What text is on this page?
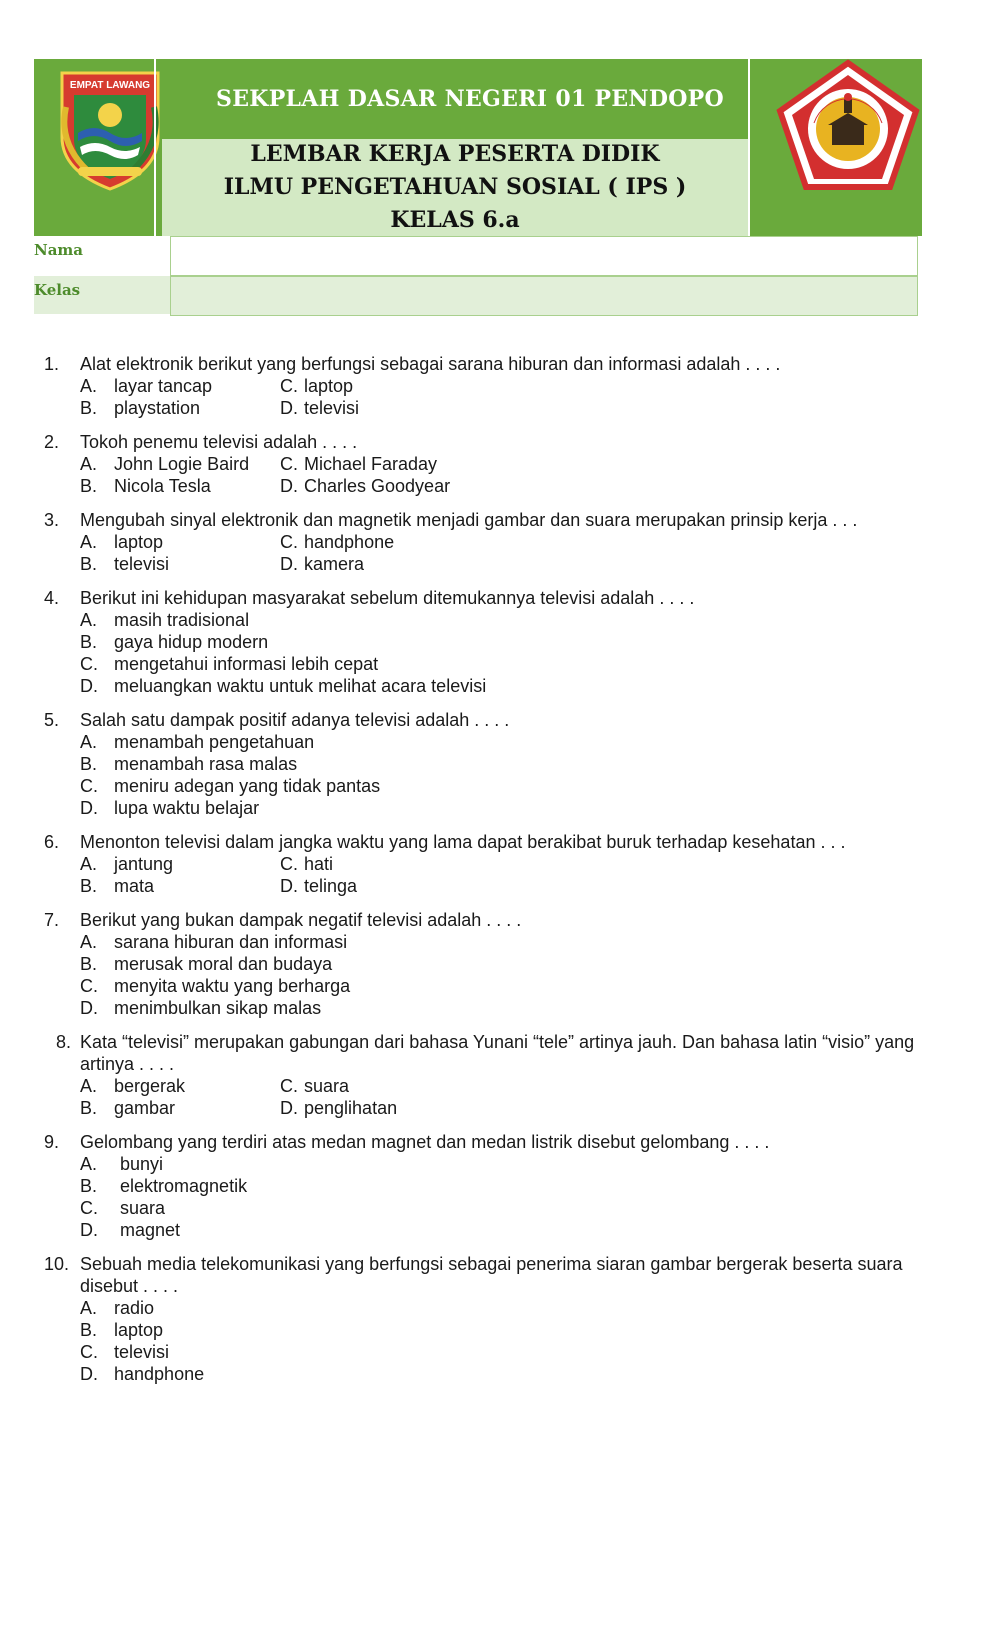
EMPAT LAWANG
SEKPLAH DASAR NEGERI 01 PENDOPO
LEMBAR KERJA PESERTA DIDIK
ILMU PENGETAHUAN SOSIAL ( IPS )
KELAS 6.a
Nama
Kelas
1.	Alat elektronik berikut yang berfungsi sebagai sarana hiburan dan informasi adalah . . . .
A. layar tancap	C. laptop
B. playstation	D. televisi
2.	Tokoh penemu televisi adalah . . . .
A. John Logie Baird C. Michael Faraday
B. Nicola Tesla	D. Charles Goodyear
3.	Mengubah sinyal elektronik dan magnetik menjadi gambar dan suara merupakan prinsip kerja . . .
A. laptop	C. handphone
B. televisi	D. kamera
4.	Berikut ini kehidupan masyarakat sebelum ditemukannya televisi adalah . . . .
A. masih tradisional
B. gaya hidup modern
C. mengetahui informasi lebih cepat
D. meluangkan waktu untuk melihat acara televisi
5.	Salah satu dampak positif adanya televisi adalah . . . .
A. menambah pengetahuan
B. menambah rasa malas
C. meniru adegan yang tidak pantas
D. lupa waktu belajar
6.	Menonton televisi dalam jangka waktu yang lama dapat berakibat buruk terhadap kesehatan . . .
A. jantung	C. hati
B. mata	D. telinga
7.	Berikut yang bukan dampak negatif televisi adalah . . . .
A. sarana hiburan dan informasi
B. merusak moral dan budaya
C. menyita waktu yang berharga
D. menimbulkan sikap malas
8. Kata “televisi” merupakan gabungan dari bahasa Yunani “tele” artinya jauh. Dan bahasa latin “visio” yang artinya . . . .
A. bergerak	C. suara
B. gambar	D. penglihatan
9.	Gelombang yang terdiri atas medan magnet dan medan listrik disebut gelombang . . . .
A.	bunyi
B.	elektromagnetik
C.	suara
D.	magnet
10. Sebuah media telekomunikasi yang berfungsi sebagai penerima siaran gambar bergerak beserta suara disebut . . . .
A. radio
B. laptop
C. televisi
D. handphone
